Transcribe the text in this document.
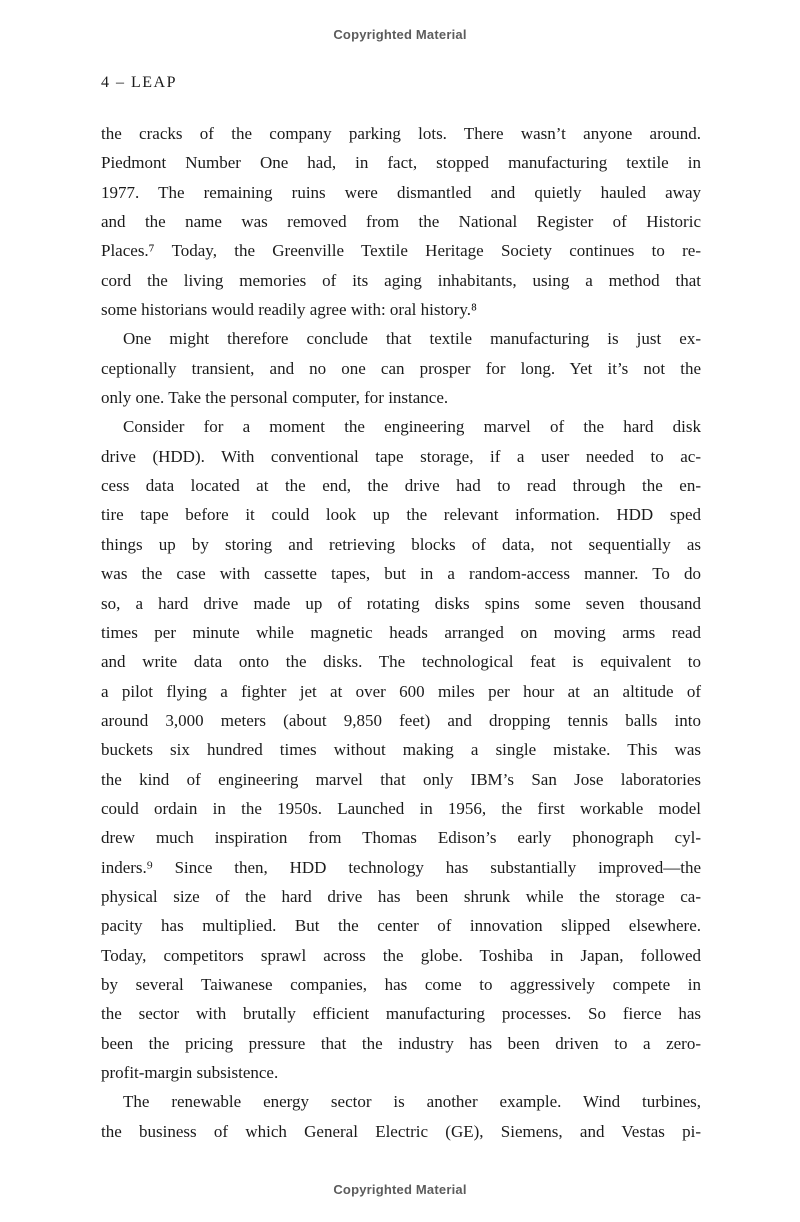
Copyrighted Material
4 – LEAP
the cracks of the company parking lots. There wasn’t anyone around.
Piedmont Number One had, in fact, stopped manufacturing textile in
1977. The remaining ruins were dismantled and quietly hauled away
and the name was removed from the National Register of Historic
Places.⁷ Today, the Greenville Textile Heritage Society continues to re-
cord the living memories of its aging inhabitants, using a method that
some historians would readily agree with: oral history.⁸
One might therefore conclude that textile manufacturing is just ex-
ceptionally transient, and no one can prosper for long. Yet it’s not the
only one. Take the personal computer, for instance.
Consider for a moment the engineering marvel of the hard disk
drive (HDD). With conventional tape storage, if a user needed to ac-
cess data located at the end, the drive had to read through the en-
tire tape before it could look up the relevant information. HDD sped
things up by storing and retrieving blocks of data, not sequentially as
was the case with cassette tapes, but in a random-access manner. To do
so, a hard drive made up of rotating disks spins some seven thousand
times per minute while magnetic heads arranged on moving arms read
and write data onto the disks. The technological feat is equivalent to
a pilot flying a fighter jet at over 600 miles per hour at an altitude of
around 3,000 meters (about 9,850 feet) and dropping tennis balls into
buckets six hundred times without making a single mistake. This was
the kind of engineering marvel that only IBM’s San Jose laboratories
could ordain in the 1950s. Launched in 1956, the first workable model
drew much inspiration from Thomas Edison’s early phonograph cyl-
inders.⁹ Since then, HDD technology has substantially improved—the
physical size of the hard drive has been shrunk while the storage ca-
pacity has multiplied. But the center of innovation slipped elsewhere.
Today, competitors sprawl across the globe. Toshiba in Japan, followed
by several Taiwanese companies, has come to aggressively compete in
the sector with brutally efficient manufacturing processes. So fierce has
been the pricing pressure that the industry has been driven to a zero-
profit-margin subsistence.
The renewable energy sector is another example. Wind turbines,
the business of which General Electric (GE), Siemens, and Vestas pi-
Copyrighted Material
